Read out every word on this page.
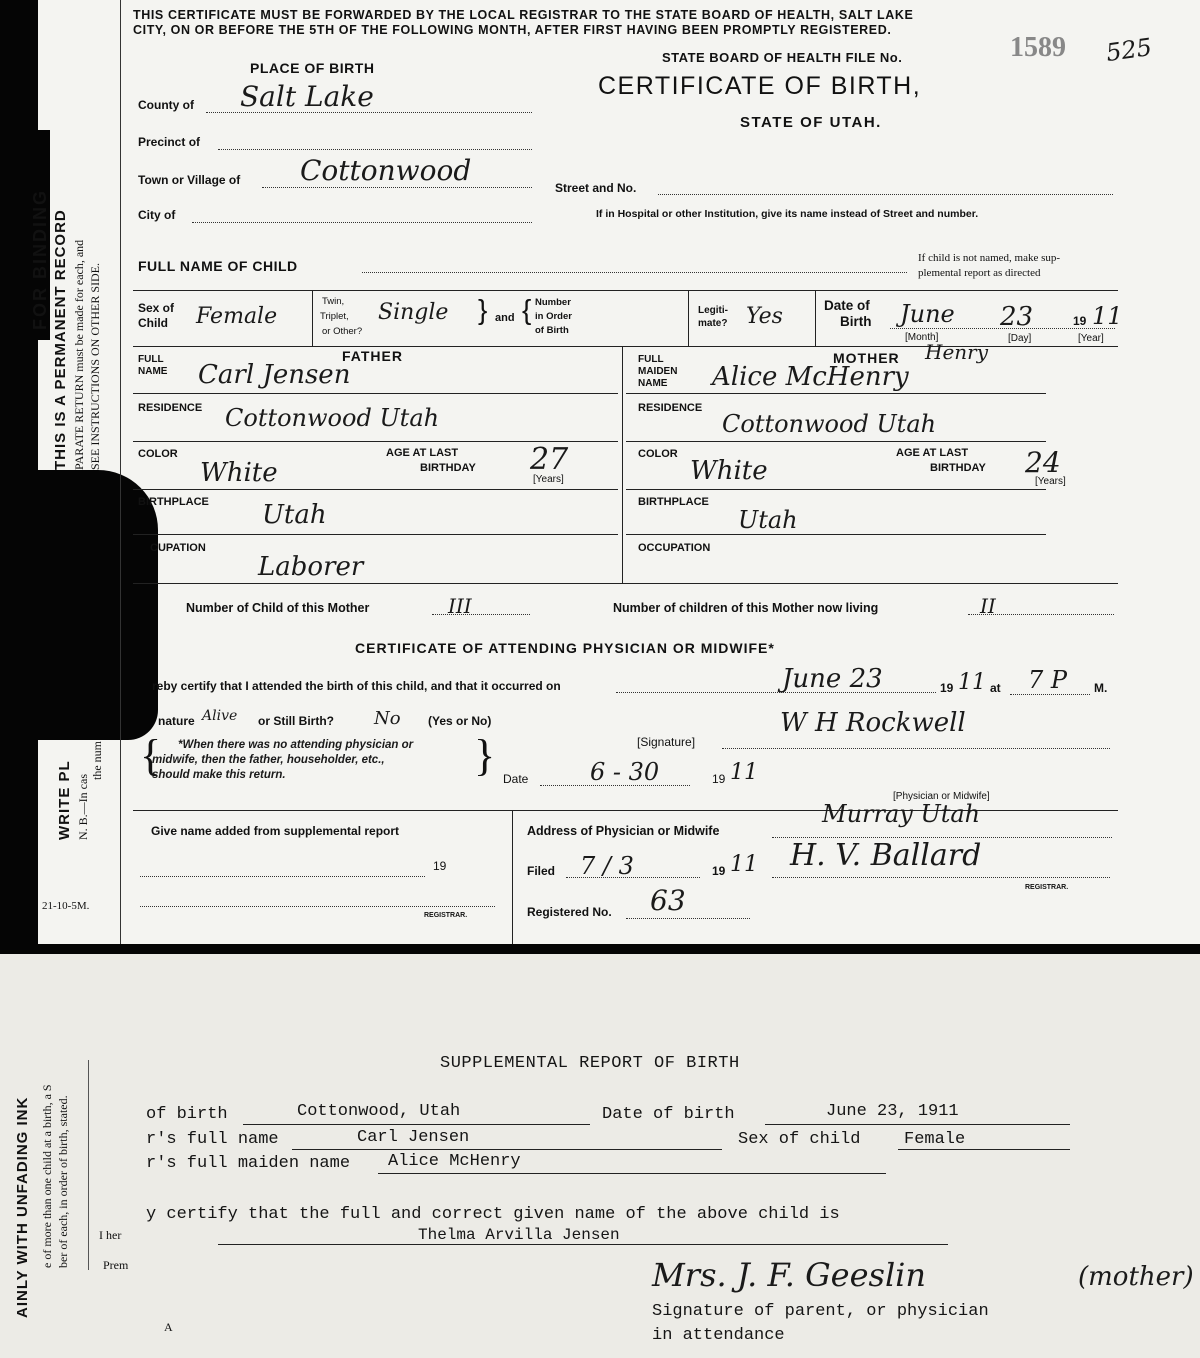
FOR BINDING THIS IS A PERMANENT RECORD PARATE RETURN must be made for each, and SEE INSTRUCTIONS ON OTHER SIDE.
WRITE PL N. B.—In cas
the num
THIS CERTIFICATE MUST BE FORWARDED BY THE LOCAL REGISTRAR TO THE STATE BOARD OF HEALTH, SALT LAKE
CITY, ON OR BEFORE THE 5TH OF THE FOLLOWING MONTH, AFTER FIRST HAVING BEEN PROMPTLY REGISTERED.
STATE BOARD OF HEALTH FILE No.	1589 525
CERTIFICATE OF BIRTH,
STATE OF UTAH.
PLACE OF BIRTH
County of Salt Lake
Precinct of
Town or Village of Cottonwood
City of
Street and No.
If in Hospital or other Institution, give its name instead of Street and number.
FULL NAME OF CHILD	If child is not named, make sup-
plemental report as directed
Sex of
Child Female
Twin,
Triplet,
or Other?
Single } and { Number
in Order
of Birth
Legiti-
mate? Yes	Date of
Birth June 23	19 11
[Month]	[Day]	[Year]
FATHER	MOTHER
FULL
NAME Carl Jensen
FULL
MAIDEN
NAME Alice McHenry
Henry
RESIDENCE Cottonwood Utah	RESIDENCE
Cottonwood Utah
COLOR
White
AGE AT LAST
BIRTHDAY 27
[Years]
COLOR
White
AGE AT LAST
BIRTHDAY 24
[Years]
BIRTHPLACE Utah	BIRTHPLACE
Utah
CUPATION
Laborer
OCCUPATION
Number of Child of this Mother	III	Number of children of this Mother now living	II
CERTIFICATE OF ATTENDING PHYSICIAN OR MIDWIFE*
reby certify that I attended the birth of this child, and that it occurred on	June 23	19 11 at 7 P M.
nature Alive or Still Birth? No (Yes or No)
{ *When there was no attending physician or
midwife, then the father, householder, etc.,
should make this return.	}	[Signature]
W H Rockwell
Date	6 - 30	19 11
[Physician or Midwife]
Give name added from supplemental report
19
REGISTRAR.
Address of Physician or Midwife
Murray Utah
Filed 7 / 3	19 11 H. V. Ballard
REGISTRAR.
Registered No. 63
21-10-5M.
AINLY WITH UNFADING INK e of more than one child at a birth, a S ber of each, in order of birth, stated.
SUPPLEMENTAL REPORT OF BIRTH
of birth	Cottonwood, Utah	Date of birth	June 23, 1911
r's full name	Carl Jensen	Sex of child	Female
r's full maiden name Alice McHenry
y certify that the full and correct given name of the above child is
Thelma Arvilla Jensen
I her
Prem
A
Mrs. J. F. Geeslin	(mother)
Signature of parent, or physician
in attendance
